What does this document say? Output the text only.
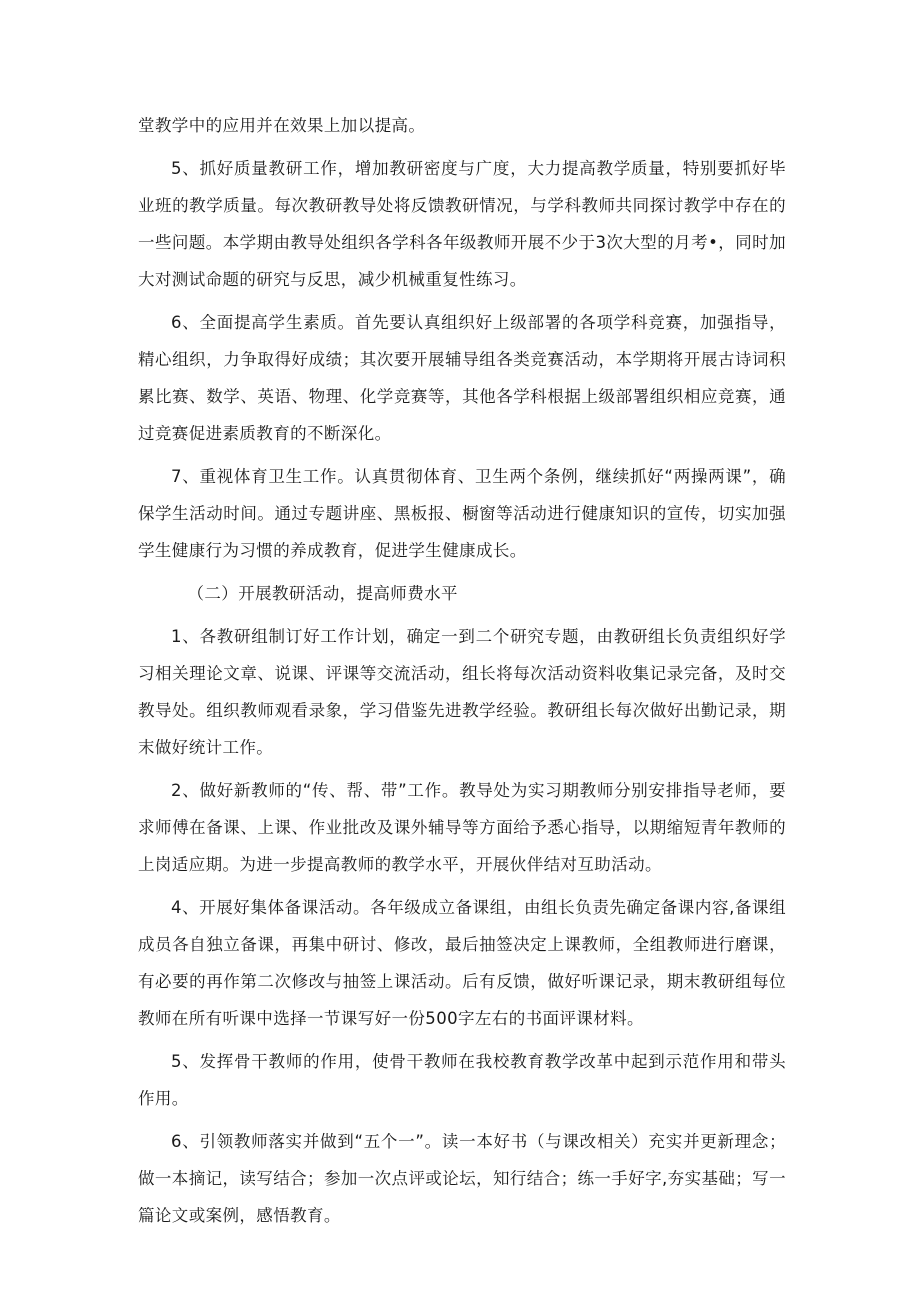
堂教学中的应用并在效果上加以提高。

5、抓好质量教研工作，增加教研密度与广度，大力提高教学质量，特别要抓好毕业班的教学质量。每次教研教导处将反馈教研情况，与学科教师共同探讨教学中存在的一些问题。本学期由教导处组织各学科各年级教师开展不少于3次大型的月考•，同时加大对测试命题的研究与反思，减少机械重复性练习。

6、全面提高学生素质。首先要认真组织好上级部署的各项学科竞赛，加强指导，精心组织，力争取得好成绩；其次要开展辅导组各类竞赛活动，本学期将开展古诗词积累比赛、数学、英语、物理、化学竞赛等，其他各学科根据上级部署组织相应竞赛，通过竞赛促进素质教育的不断深化。

7、重视体育卫生工作。认真贯彻体育、卫生两个条例，继续抓好“两操两课”，确保学生活动时间。通过专题讲座、黑板报、橱窗等活动进行健康知识的宣传，切实加强学生健康行为习惯的养成教育，促进学生健康成长。

（二）开展教研活动，提高师费水平

1、各教研组制订好工作计划，确定一到二个研究专题，由教研组长负责组织好学习相关理论文章、说课、评课等交流活动，组长将每次活动资料收集记录完备，及时交教导处。组织教师观看录象，学习借鉴先进教学经验。教研组长每次做好出勤记录，期末做好统计工作。

2、做好新教师的“传、帮、带”工作。教导处为实习期教师分别安排指导老师，要求师傅在备课、上课、作业批改及课外辅导等方面给予悉心指导，以期缩短青年教师的上岗适应期。为进一步提高教师的教学水平，开展伙伴结对互助活动。

4、开展好集体备课活动。各年级成立备课组，由组长负责先确定备课内容,备课组成员各自独立备课，再集中研讨、修改，最后抽签决定上课教师，全组教师进行磨课，有必要的再作第二次修改与抽签上课活动。后有反馈，做好听课记录，期末教研组每位教师在所有听课中选择一节课写好一份500字左右的书面评课材料。

5、发挥骨干教师的作用，使骨干教师在我校教育教学改革中起到示范作用和带头作用。

6、引领教师落实并做到“五个一”。读一本好书（与课改相关）充实并更新理念；做一本摘记，读写结合；参加一次点评或论坛，知行结合；练一手好字,夯实基础；写一篇论文或案例，感悟教育。
